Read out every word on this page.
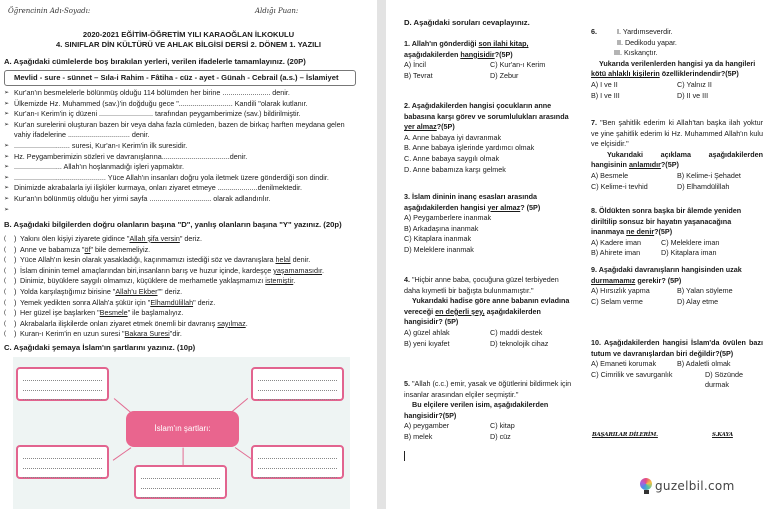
Öğrencinin Adı-Soyadı:	Aldığı Puan:
2020-2021 EĞİTİM-ÖĞRETİM YILI KARAOĞLAN İLKOKULU
4. SINIFLAR DİN KÜLTÜRÜ VE AHLAK BİLGİSİ DERSİ 2. DÖNEM 1. YAZILI
A. Aşağıdaki cümlelerde boş bırakılan yerleri, verilen ifadelerle tamamlayınız. (20P)
Mevlid - sure - sünnet – Sıla-i Rahim - Fâtiha - cüz - ayet - Günah - Cebrail (a.s.) – İslamiyet
➢ Kur'an'ın besmelelerle bölünmüş olduğu 114 bölümden her birine ........................ denir.
➢ Ülkemizde Hz. Muhammed (sav.)'in doğduğu gece "........................... Kandili "olarak kutlanır.
➢ Kur'an-ı Kerim'in iç düzeni ........................... tarafından peygamberimize (sav.) bildirilmiştir.
➢ Kur'an surelerini oluşturan bazen bir veya daha fazla cümleden, bazen de birkaç harften meydana gelen vahiy ifadelerine ............................... denir.
➢ ............................ suresi, Kur'an-ı Kerim'in ilk suresidir.
➢ Hz. Peygamberimizin sözleri ve davranışlarına..................................denir.
➢ ........................ Allah'ın hoşlanmadığı işleri yapmaktır.
➢ .............................................. Yüce Allah'ın insanları doğru yola iletmek üzere gönderdiği son dindir.
➢ Dinimizde akrabalarla iyi ilişkiler kurmaya, onları ziyaret etmeye ....................denilmektedir.
➢ Kur'an'ın bölünmüş olduğu her yirmi sayfa ............................... olarak adlandırılır.
➢
B. Aşağıdaki bilgilerden doğru olanların başına "D", yanlış olanların başına "Y" yazınız. (20p)
( ) Yakını ölen kişiyi ziyarete gidince "Allah şifa versin" deriz.
( ) Anne ve babamıza "öf" bile dememeliyiz.
( ) Yüce Allah'ın kesin olarak yasakladığı, kaçınmamızı istediği söz ve davranışlara helal denir.
( ) İslam dininin temel amaçlarından biri,insanların barış ve huzur içinde, kardeşçe yaşamamasıdır.
( ) Dinimiz, büyüklere saygılı olmamızı, küçüklere de merhametle yaklaşmamızı istemiştir.
( ) Yolda karşılaştığımız birisine "Allah'u Ekber"" deriz.
( ) Yemek yedikten sonra Allah'a şükür için "Elhamdülillah" deriz.
( ) Her güzel işe başlarken "Besmele" ile başlamalıyız.
( ) Akrabalarla ilişkilerde onları ziyaret etmek önemli bir davranış sayılmaz.
( ) Kuran-ı Kerim'in en uzun suresi "Bakara Suresi"dir.
C. Aşağıdaki şemaya İslam'ın şartlarını yazınız. (10p)
İslam'ın şartları:
D. Aşağıdaki soruları cevaplayınız.
1. Allah'ın gönderdiği son ilahi kitap, aşağıdakilerden hangisidir?(5P)
A) İncil	C) Kur'an-ı Kerim
B) Tevrat	D) Zebur
2. Aşağıdakilerden hangisi çocukların anne babasına karşı görev ve sorumlulukları arasında yer almaz?(5P)
A. Anne babaya iyi davranmak
B. Anne babaya işlerinde yardımcı olmak
C. Anne babaya saygılı olmak
D. Anne babamıza karşı gelmek
3. İslam dininin inanç esasları arasında aşağıdakilerden hangisi yer almaz? (5P)
A) Peygamberlere inanmak
B) Arkadaşına inanmak
C) Kitaplara inanmak
D) Meleklere inanmak
4. "Hiçbir anne baba, çocuğuna güzel terbiyeden daha kıymetli bir bağışta bulunmamıştır."
Yukarıdaki hadise göre anne babanın evladına vereceği en değerli şey, aşağıdakilerden hangisidir? (5P)
A) güzel ahlak	C) maddi destek
B) yeni kıyafet	D) teknolojik cihaz
5. "Allah (c.c.) emir, yasak ve öğütlerini bildirmek için insanlar arasından elçiler seçmiştir."
Bu elçilere verilen isim, aşağıdakilerden hangisidir?(5P)
A) peygamber	C) kitap
B) melek	D) cüz
6.	I. Yardımseverdir.
II. Dedikodu yapar.
III. Kıskançtır.
Yukarıda verilenlerden hangisi ya da hangileri kötü ahlaklı kişilerin özelliklerindendir?(5P)
A) I ve II	C) Yalnız II
B) I ve III	D) II ve III
7. "Ben şahitlik ederim ki Allah'tan başka ilah yoktur ve yine şahitlik ederim ki Hz. Muhammed Allah'ın kulu ve elçisidir."
Yukarıdaki açıklama aşağıdakilerden hangisinin anlamıdır?(5P)
A) Besmele	B) Kelime-i Şehadet
C) Kelime-i tevhid	D) Elhamdülillah
8. Öldükten sonra başka bir âlemde yeniden diriltilip sonsuz bir hayatın yaşanacağına inanmaya ne denir?(5P)
A) Kadere iman	C) Meleklere iman
B) Ahirete iman	D) Kitaplara iman
9. Aşağıdaki davranışların hangisinden uzak durmamamız gerekir? (5P)
A) Hırsızlık yapma	B) Yalan söyleme
C) Selam verme	D) Alay etme
10. Aşağıdakilerden hangisi İslam'da övülen bazı tutum ve davranışlardan biri değildir?(5P)
A) Emaneti korumak	B) Adaletli olmak
C) Cimrilik ve savurganlık	D) Sözünde durmak
BAŞARILAR DİLERİM.	S.KAYA
guzelbil.com
